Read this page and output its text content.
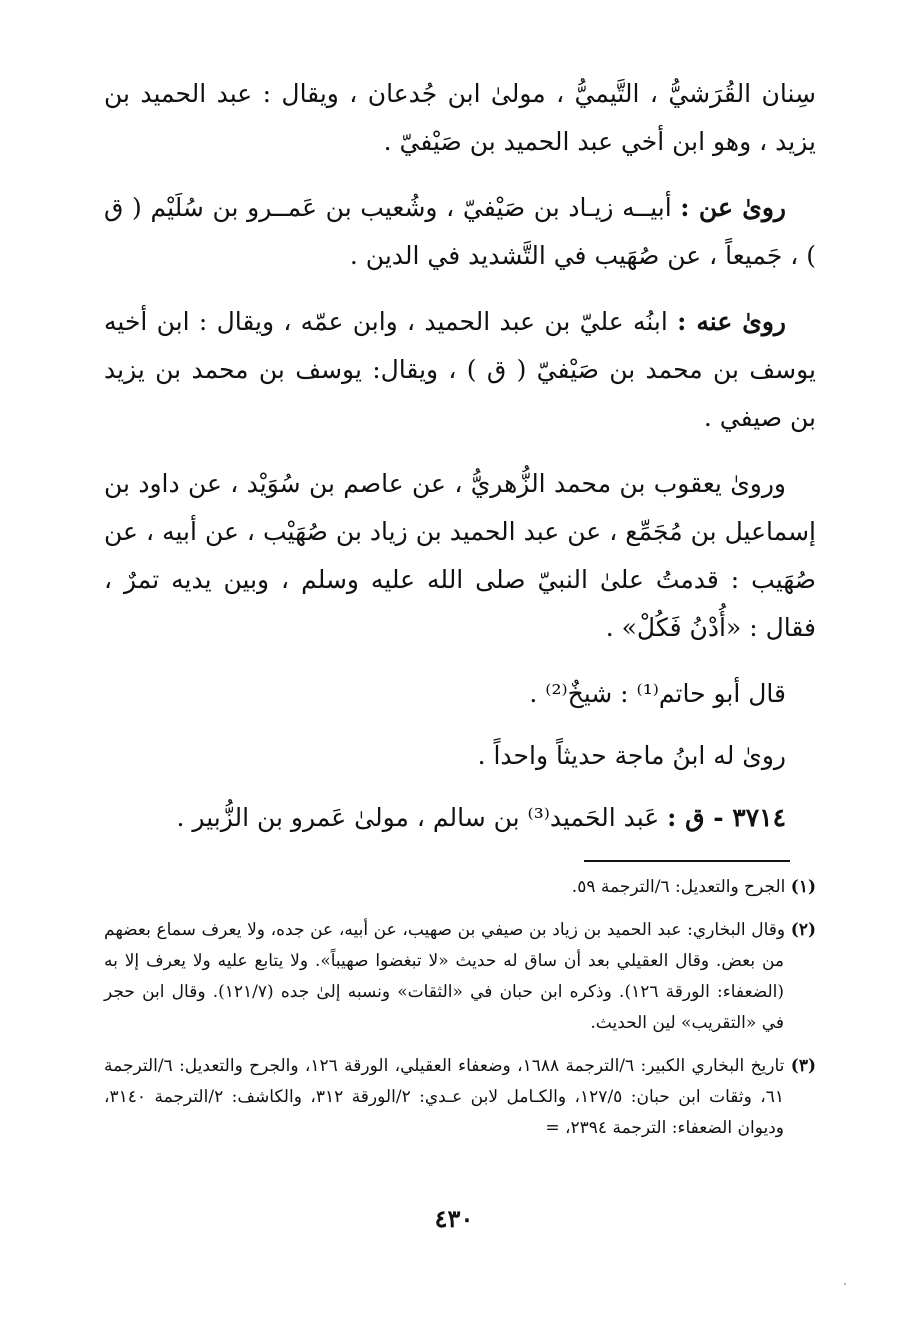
سِنان القُرَشيُّ ، التَّيميُّ ، مولىٰ ابن جُدعان ، ويقال : عبد الحميد بن يزيد ، وهو ابن أخي عبد الحميد بن صَيْفيّ .

روىٰ عن : أبيــه زيـاد بن صَيْفيّ ، وشُعيب بن عَمــرو بن سُلَيْم ( ق ) ، جَميعاً ، عن صُهَيب في التَّشديد في الدين .

روىٰ عنه : ابنُه عليّ بن عبد الحميد ، وابن عمّه ، ويقال : ابن أخيه يوسف بن محمد بن صَيْفيّ ( ق ) ، ويقال: يوسف بن محمد بن يزيد بن صيفي .

وروىٰ يعقوب بن محمد الزُّهريُّ ، عن عاصم بن سُوَيْد ، عن داود بن إسماعيل بن مُجَمِّع ، عن عبد الحميد بن زياد بن صُهَيْب ، عن أبيه ، عن صُهَيب : قدمتُ علىٰ النبيّ صلى الله عليه وسلم ، وبين يديه تمرٌ ، فقال : «أُدْنُ فَكُلْ» .

قال أبو حاتم⁽¹⁾ : شيخٌ⁽²⁾ .

روىٰ له ابنُ ماجة حديثاً واحداً .

٣٧١٤ - ق : عَبد الحَميد⁽³⁾ بن سالم ، مولىٰ عَمرو بن الزُّبير .

(١) الجرح والتعديل: ٦/الترجمة ٥٩.

(٢) وقال البخاري: عبد الحميد بن زياد بن صيفي بن صهيب، عن أبيه، عن جده، ولا يعرف سماع بعضهم من بعض. وقال العقيلي بعد أن ساق له حديث «لا تبغضوا صهيباً». ولا يتابع عليه ولا يعرف إلا به (الضعفاء: الورقة ١٢٦). وذكره ابن حبان في «الثقات» ونسبه إلىٰ جده (١٢١/٧). وقال ابن حجر في «التقريب» لين الحديث.

(٣) تاريخ البخاري الكبير: ٦/الترجمة ١٦٨٨، وضعفاء العقيلي، الورقة ١٢٦، والجرح والتعديل: ٦/الترجمة ٦١، وثقات ابن حبان: ١٢٧/٥، والكـامل لابن عـدي: ٢/الورقة ٣١٢، والكاشف: ٢/الترجمة ٣١٤٠، وديوان الضعفاء: الترجمة ٢٣٩٤، =

٤٣٠
